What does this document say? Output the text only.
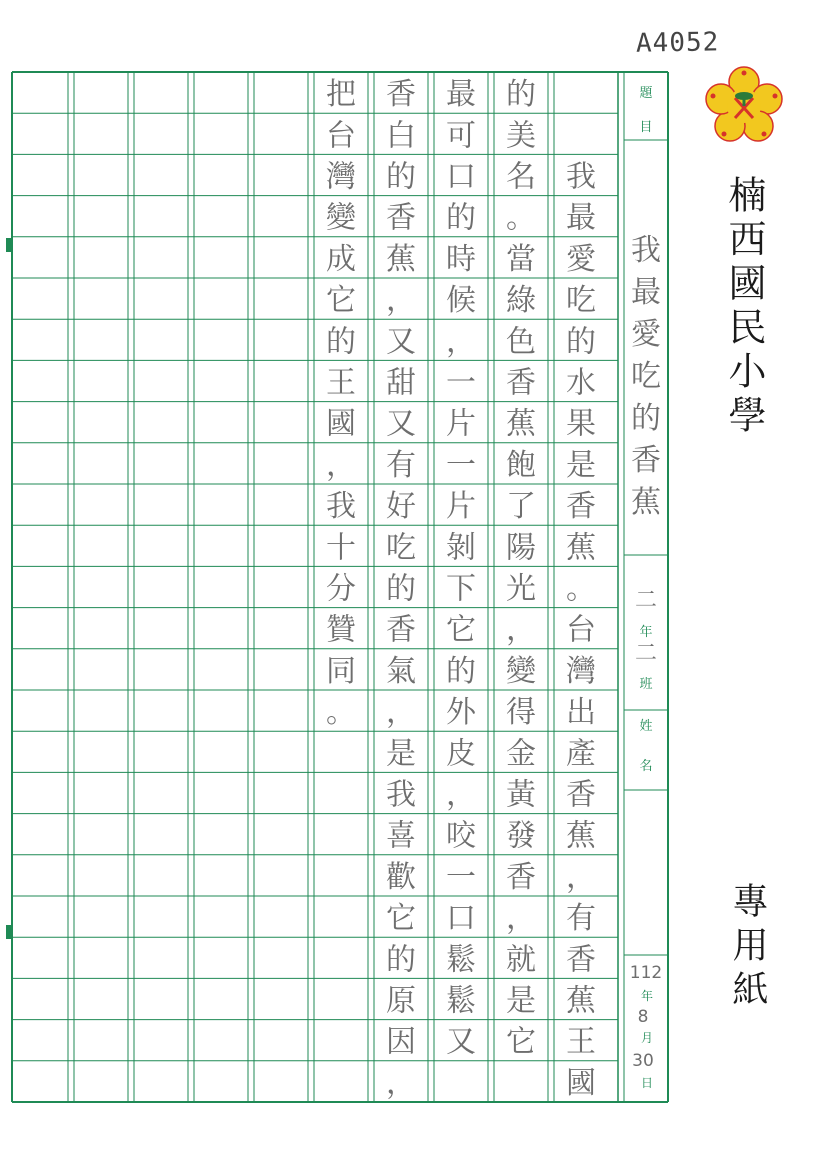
題
目
二
年
二
班
姓
名
112
年
8
月
30
日
我
最
愛
吃
的
香
蕉
我
最
愛
吃
的
水
果
是
香
蕉
。
台
灣
出
產
香
蕉
，
有
香
蕉
王
國
的
美
名
。
當
綠
色
香
蕉
飽
了
陽
光
，
變
得
金
黃
發
香
，
就
是
它
最
可
口
的
時
候
，
一
片
一
片
剝
下
它
的
外
皮
，
咬
一
口
鬆
鬆
又
香
白
的
香
蕉
，
又
甜
又
有
好
吃
的
香
氣
，
是
我
喜
歡
它
的
原
因
，
把
台
灣
變
成
它
的
王
國
，
我
十
分
贊
同
。
A4052
楠西國民小學
專用紙
